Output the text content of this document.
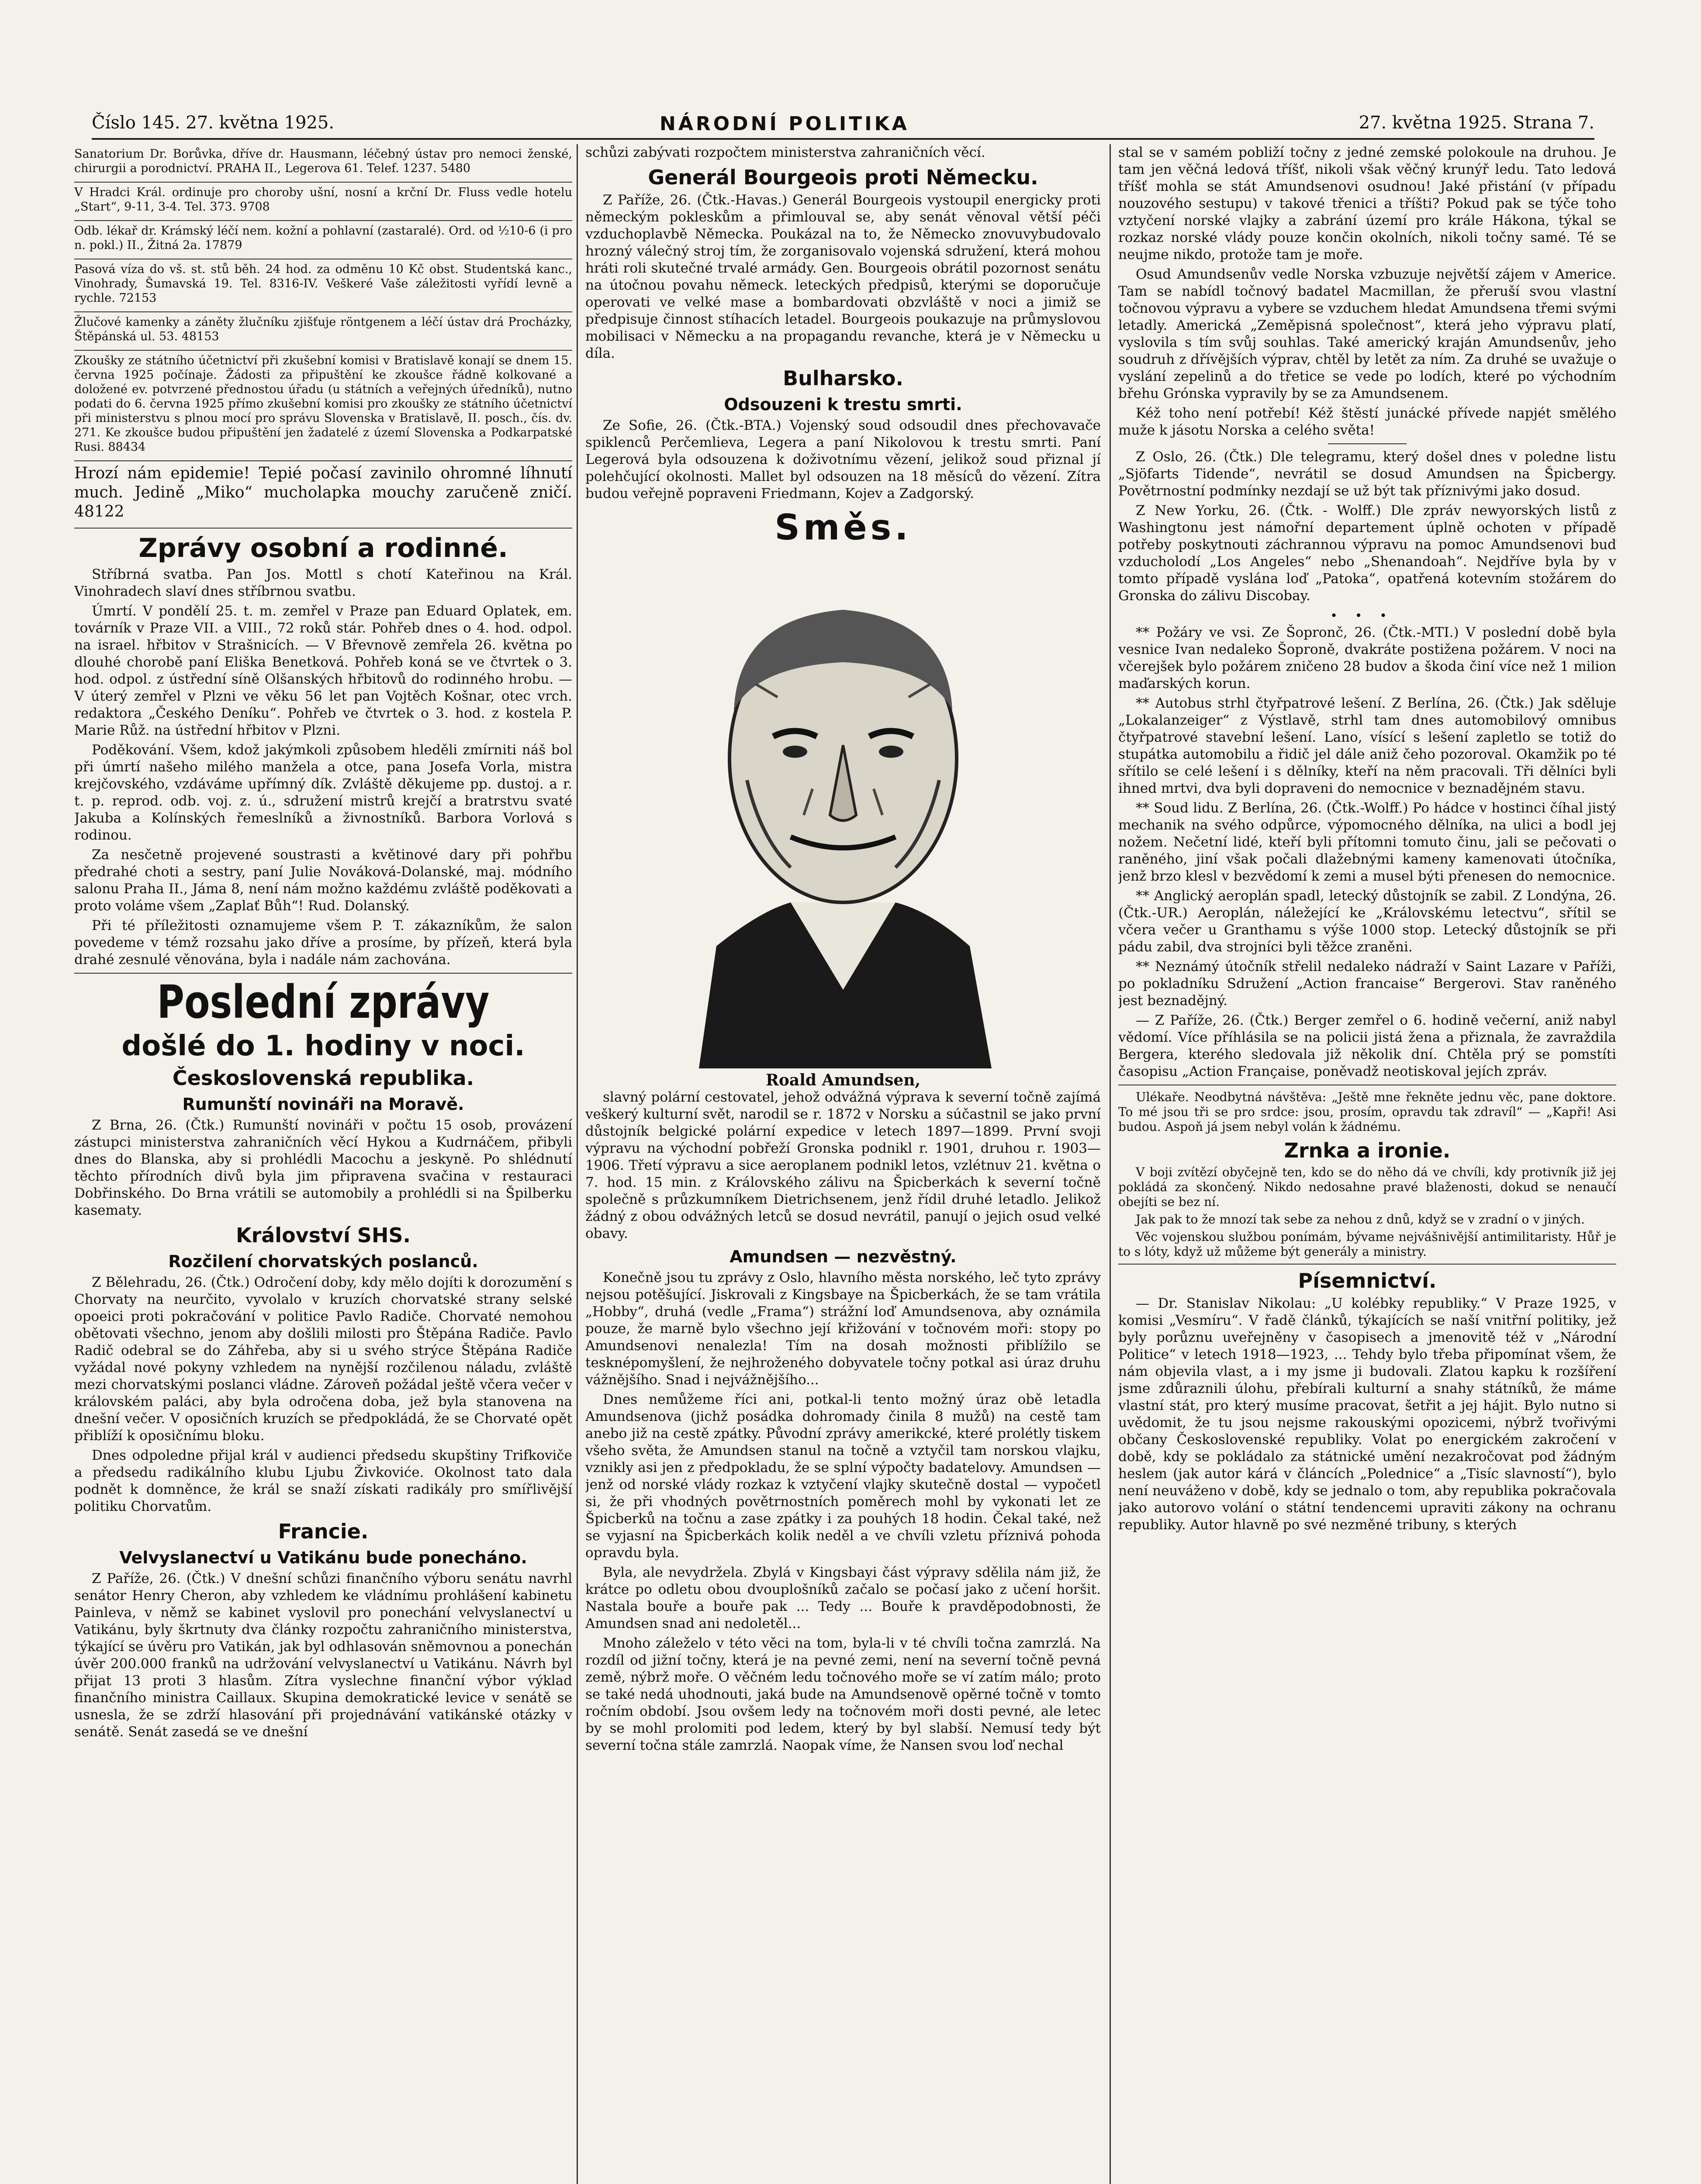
Číslo 145. 27. května 1925.	NÁRODNÍ POLITIKA	27. května 1925. Strana 7.

Sanatorium Dr. Borůvka, dříve dr. Hausmann, léčebný ústav pro nemoci ženské, chirurgii a porodnictví. PRAHA II., Legerova 61. Telef. 1237. 5480

V Hradci Král. ordinuje pro choroby ušní, nosní a krční Dr. Fluss vedle hotelu „Start“, 9-11, 3-4. Tel. 373. 9708

Odb. lékař dr. Krámský léčí nem. kožní a pohlavní (zastaralé). Ord. od ½10-6 (i pro n. pokl.) II., Žitná 2a. 17879

Pasová víza do vš. st. stů běh. 24 hod. za odměnu 10 Kč obst. Studentská kanc., Vinohrady, Šumavská 19. Tel. 8316-IV. Veškeré Vaše záležitosti vyřídí levně a rychle. 72153

Žlučové kamenky a záněty žlučníku zjišťuje röntgenem a léčí ústav drá Procházky, Štěpánská ul. 53. 48153

Zkoušky ze státního účetnictví při zkušební komisi v Bratislavě konají se dnem 15. června 1925 počínaje. Žádosti za připuštění ke zkoušce řádně kolkované a doložené ev. potvrzené přednostou úřadu (u státních a veřejných úředníků), nutno podati do 6. června 1925 přímo zkušební komisi pro zkoušky ze státního účetnictví při ministerstvu s plnou mocí pro správu Slovenska v Bratislavě, II. posch., čís. dv. 271. Ke zkoušce budou připuštění jen žadatelé z území Slovenska a Podkarpatské Rusi. 88434

Hrozí nám epidemie! Tepié počasí zavinilo ohromné líhnutí much. Jedině „Miko“ mucholapka mouchy zaručeně zničí. 48122

Zprávy osobní a rodinné.

Stříbrná svatba. Pan Jos. Mottl s chotí Kateřinou na Král. Vinohradech slaví dnes stříbrnou svatbu.

Úmrtí. V pondělí 25. t. m. zemřel v Praze pan Eduard Oplatek, em. továrník v Praze VII. a VIII., 72 roků stár. Pohřeb dnes o 4. hod. odpol. na israel. hřbitov v Strašnicích. — V Břevnově zemřela 26. května po dlouhé chorobě paní Eliška Benetková. Pohřeb koná se ve čtvrtek o 3. hod. odpol. z ústřední síně Olšanských hřbitovů do rodinného hrobu. — V úterý zemřel v Plzni ve věku 56 let pan Vojtěch Košnar, otec vrch. redaktora „Českého Deníku“. Pohřeb ve čtvrtek o 3. hod. z kostela P. Marie Růž. na ústřední hřbitov v Plzni.

Poděkování. Všem, kdož jakýmkoli způsobem hleděli zmírniti náš bol při úmrtí našeho milého manžela a otce, pana Josefa Vorla, mistra krejčovského, vzdáváme upřímný dík. Zvláště děkujeme pp. dustoj. a r. t. p. reprod. odb. voj. z. ú., sdružení mistrů krejčí a bratrstvu svaté Jakuba a Kolínských řemeslníků a živnostníků. Barbora Vorlová s rodinou.

Za nesčetně projevené soustrasti a květinové dary při pohřbu předrahé choti a sestry, paní Julie Nováková-Dolanské, maj. módního salonu Praha II., Jáma 8, není nám možno každému zvláště poděkovati a proto voláme všem „Zaplať Bůh“! Rud. Dolanský.

Při té příležitosti oznamujeme všem P. T. zákazníkům, že salon povedeme v témž rozsahu jako dříve a prosíme, by přízeň, která byla drahé zesnulé věnována, byla i nadále nám zachována.

Poslední zprávy
došlé do 1. hodiny v noci.
Československá republika.
Rumunští novináři na Moravě.

Z Brna, 26. (Čtk.) Rumunští novináři v počtu 15 osob, provázení zástupci ministerstva zahraničních věcí Hykou a Kudrnáčem, přibyli dnes do Blanska, aby si prohlédli Macochu a jeskyně. Po shlédnutí těchto přírodních divů byla jim připravena svačina v restauraci Dobřinského. Do Brna vrátili se automobily a prohlédli si na Špilberku kasematy.

Království SHS.
Rozčilení chorvatských poslanců.

Z Bělehradu, 26. (Čtk.) Odročení doby, kdy mělo dojíti k dorozumění s Chorvaty na neurčito, vyvolalo v kruzích chorvatské strany selské opoeici proti pokračování v politice Pavlo Radiče. Chorvaté nemohou obětovati všechno, jenom aby došlili milosti pro Štěpána Radiče. Pavlo Radič odebral se do Záhřeba, aby si u svého strýce Štěpána Radiče vyžádal nové pokyny vzhledem na nynější rozčilenou náladu, zvláště mezi chorvatskými poslanci vládne. Zároveň požádal ještě včera večer v královském paláci, aby byla odročena doba, jež byla stanovena na dnešní večer. V oposičních kruzích se předpokládá, že se Chorvaté opět přiblíží k oposičnímu bloku.

Dnes odpoledne přijal král v audienci předsedu skupštiny Trifkoviče a předsedu radikálního klubu Ljubu Živkoviće. Okolnost tato dala podnět k domněnce, že král se snaží získati radikály pro smířlivější politiku Chorvatům.

Francie.
Velvyslanectví u Vatikánu bude ponecháno.

Z Paříže, 26. (Čtk.) V dnešní schůzi finančního výboru senátu navrhl senátor Henry Cheron, aby vzhledem ke vládnímu prohlášení kabinetu Painleva, v němž se kabinet vyslovil pro ponechání velvyslanectví u Vatikánu, byly škrtnuty dva články rozpočtu zahraničního ministerstva, týkající se úvěru pro Vatikán, jak byl odhlasován sněmovnou a ponechán úvěr 200.000 franků na udržování velvyslanectví u Vatikánu. Návrh byl přijat 13 proti 3 hlasům. Zítra vyslechne finanční výbor výklad finančního ministra Caillaux. Skupina demokratické levice v senátě se usnesla, že se zdrží hlasování při projednávání vatikánské otázky v senátě. Senát zasedá se ve dnešní

schůzi zabývati rozpočtem ministerstva zahraničních věcí.

Generál Bourgeois proti Německu.

Z Paříže, 26. (Čtk.-Havas.) Generál Bourgeois vystoupil energicky proti německým pokleskům a přimlouval se, aby senát věnoval větší péči vzduchoplavbě Německa. Poukázal na to, že Německo znovuvybudovalo hrozný válečný stroj tím, že zorganisovalo vojenská sdružení, která mohou hráti roli skutečné trvalé armády. Gen. Bourgeois obrátil pozornost senátu na útočnou povahu německ. leteckých předpisů, kterými se doporučuje operovati ve velké mase a bombardovati obzvláště v noci a jimiž se předpisuje činnost stíhacích letadel. Bourgeois poukazuje na průmyslovou mobilisaci v Německu a na propagandu revanche, která je v Německu u díla.

Bulharsko.
Odsouzeni k trestu smrti.

Ze Sofie, 26. (Čtk.-BTA.) Vojenský soud odsoudil dnes přechovavače spiklenců Perčemlieva, Legera a paní Nikolovou k trestu smrti. Paní Legerová byla odsouzena k doživotnímu vězení, jelikož soud přiznal jí polehčující okolnosti. Mallet byl odsouzen na 18 měsíců do vězení. Zítra budou veřejně popraveni Friedmann, Kojev a Zadgorský.

Směs.
Roald Amundsen,

slavný polární cestovatel, jehož odvážná výprava k severní točně zajímá veškerý kulturní svět, narodil se r. 1872 v Norsku a súčastnil se jako první důstojník belgické polární expedice v letech 1897—1899. První svoji výpravu na východní pobřeží Gronska podnikl r. 1901, druhou r. 1903—1906. Třetí výpravu a sice aeroplanem podnikl letos, vzlétnuv 21. května o 7. hod. 15 min. z Královského zálivu na Špicberkách k severní točně společně s průzkumníkem Dietrichsenem, jenž řídil druhé letadlo. Jelikož žádný z obou odvážných letců se dosud nevrátil, panují o jejich osud velké obavy.

Amundsen — nezvěstný.

Konečně jsou tu zprávy z Oslo, hlavního města norského, leč tyto zprávy nejsou potěšující. Jiskrovali z Kingsbaye na Špicberkách, že se tam vrátila „Hobby“, druhá (vedle „Frama“) strážní loď Amundsenova, aby oznámila pouze, že marně bylo všechno její křižování v točnovém moři: stopy po Amundsenovi nenalezla! Tím na dosah možnosti přiblížilo se tesknépomyšlení, že nejhroženého dobyvatele točny potkal asi úraz druhu vážnějšího. Snad i nejvážnějšího...

Dnes nemůžeme říci ani, potkal-li tento možný úraz obě letadla Amundsenova (jichž posádka dohromady činila 8 mužů) na cestě tam anebo již na cestě zpátky. Původní zprávy amerikcké, které prolétly tiskem všeho světa, že Amundsen stanul na točně a vztyčil tam norskou vlajku, vznikly asi jen z předpokladu, že se splní výpočty badatelovy. Amundsen — jenž od norské vlády rozkaz k vztyčení vlajky skutečně dostal — vypočetl si, že při vhodných povětrnostních poměrech mohl by vykonati let ze Špicberků na točnu a zase zpátky i za pouhých 18 hodin. Čekal také, než se vyjasní na Špicberkách kolik neděl a ve chvíli vzletu příznivá pohoda opravdu byla.

Byla, ale nevydržela. Zbylá v Kingsbayi část výpravy sdělila nám již, že krátce po odletu obou dvouplošníků začalo se počasí jako z učení horšit. Nastala bouře a bouře pak ... Tedy ... Bouře k pravděpodobnosti, že Amundsen snad ani nedoletěl...

Mnoho záleželo v této věci na tom, byla-li v té chvíli točna zamrzlá. Na rozdíl od jižní točny, která je na pevné zemi, není na severní točně pevná země, nýbrž moře. O věčném ledu točnového moře se ví zatím málo; proto se také nedá uhodnouti, jaká bude na Amundsenově opěrné točně v tomto ročním období. Jsou ovšem ledy na točnovém moři dosti pevné, ale letec by se mohl prolomiti pod ledem, který by byl slabší. Nemusí tedy být severní točna stále zamrzlá. Naopak víme, že Nansen svou loď nechal

stal se v samém pobliží točny z jedné zemské polokoule na druhou. Je tam jen věčná ledová tříšť, nikoli však věčný krunýř ledu. Tato ledová tříšť mohla se stát Amundsenovi osudnou! Jaké přistání (v případu nouzového sestupu) v takové třenici a tříšti? Pokud pak se týče toho vztyčení norské vlajky a zabrání území pro krále Hákona, týkal se rozkaz norské vlády pouze končin okolních, nikoli točny samé. Té se neujme nikdo, protože tam je moře.

Osud Amundsenův vedle Norska vzbuzuje největší zájem v Americe. Tam se nabídl točnový badatel Macmillan, že přeruší svou vlastní točnovou výpravu a vybere se vzduchem hledat Amundsena třemi svými letadly. Americká „Zeměpisná společnost“, která jeho výpravu platí, vyslovila s tím svůj souhlas. Také americký kraján Amundsenův, jeho soudruh z dřívějších výprav, chtěl by letět za ním. Za druhé se uvažuje o vyslání zepelinů a do třetice se vede po lodích, které po východním břehu Grónska vypravily by se za Amundsenem.

Kéž toho není potřebí! Kéž štěstí junácké přívede napjét smělého muže k jásotu Norska a celého světa!

Z Oslo, 26. (Čtk.) Dle telegramu, který došel dnes v poledne listu „Sjöfarts Tidende“, nevrátil se dosud Amundsen na Špicbergy. Povětrnostní podmínky nezdají se už být tak příznivými jako dosud.

Z New Yorku, 26. (Čtk. - Wolff.) Dle zpráv newyorských listů z Washingtonu jest námořní departement úplně ochoten v případě potřeby poskytnouti záchrannou výpravu na pomoc Amundsenovi buď vzducholodí „Los Angeles“ nebo „Shenandoah“. Nejdříve byla by v tomto případě vyslána loď „Patoka“, opatřená kotevním stožárem do Gronska do zálivu Discobay.

•••

** Požáry ve vsi. Ze Šopronč, 26. (Čtk.-MTI.) V poslední době byla vesnice Ivan nedaleko Šoproně, dvakráte postižena požárem. V noci na včerejšek bylo požárem zničeno 28 budov a škoda činí více než 1 milion maďarských korun.

** Autobus strhl čtyřpatrové lešení. Z Berlína, 26. (Čtk.) Jak sděluje „Lokalanzeiger“ z Výstlavě, strhl tam dnes automobilový omnibus čtyřpatrové stavební lešení. Lano, vísící s lešení zapletlo se totiž do stupátka automobilu a řidič jel dále aniž čeho pozoroval. Okamžik po té sřítilo se celé lešení i s dělníky, kteří na něm pracovali. Tři dělníci byli ihned mrtvi, dva byli dopraveni do nemocnice v beznadějném stavu.

** Soud lidu. Z Berlína, 26. (Čtk.-Wolff.) Po hádce v hostinci číhal jistý mechanik na svého odpůrce, výpomocného dělníka, na ulici a bodl jej nožem. Nečetní lidé, kteří byli přítomni tomuto činu, jali se pečovati o raněného, jiní však počali dlažebnými kameny kamenovati útočníka, jenž brzo klesl v bezvědomí k zemi a musel býti přenesen do nemocnice.

** Anglický aeroplán spadl, letecký důstojník se zabil. Z Londýna, 26. (Čtk.-UR.) Aeroplán, náležející ke „Královskému letectvu“, sřítil se včera večer u Granthamu s výše 1000 stop. Letecký důstojník se při pádu zabil, dva strojníci byli těžce zraněni.

** Neznámý útočník střelil nedaleko nádraží v Saint Lazare v Paříži, po pokladníku Sdružení „Action francaise“ Bergerovi. Stav raněného jest beznadějný.

— Z Paříže, 26. (Čtk.) Berger zemřel o 6. hodině večerní, aniž nabyl vědomí. Více příhlásila se na policii jistá žena a přiznala, že zavraždila Bergera, kterého sledovala již několik dní. Chtěla prý se pomstíti časopisu „Action Française, poněvadž neotiskoval jejích zpráv.

Ulékaře. Neodbytná návštěva: „Ještě mne řekněte jednu věc, pane doktore. To mé jsou tři se pro srdce: jsou, prosím, opravdu tak zdravíl“ — „Kapři! Asi budou. Aspoň já jsem nebyl volán k žádnému.

Zrnka a ironie.

V boji zvítězí obyčejně ten, kdo se do něho dá ve chvíli, kdy protivník již jej pokládá za skončený. Nikdo nedosahne pravé blaženosti, dokud se nenaučí obejíti se bez ní.

Jak pak to že mnozí tak sebe za nehou z dnů, když se v zradní o v jiných.

Věc vojenskou službou ponímám, bývame nejvášnivější antimilitaristy. Hůř je to s lóty, když už můžeme být generály a ministry.

Písemnictví.

— Dr. Stanislav Nikolau: „U kolébky republiky.“ V Praze 1925, v komisi „Vesmíru“. V řadě článků, týkajících se naší vnitřní politiky, jež byly porůznu uveřejněny v časopisech a jmenovitě též v „Národní Politice“ v letech 1918—1923, ... Tehdy bylo třeba připomínat všem, že nám objevila vlast, a i my jsme ji budovali. Zlatou kapku k rozšíření jsme zdůraznili úlohu, přebírali kulturní a snahy státníků, že máme vlastní stát, pro který musíme pracovat, šetřit a jej hájit. Bylo nutno si uvědomit, že tu jsou nejsme rakouskými opozicemi, nýbrž tvořivými občany Československé republiky. Volat po energickém zakročení v době, kdy se pokládalo za státnické umění nezakročovat pod žádným heslem (jak autor kárá v článcích „Polednice“ a „Tisíc slavností“), bylo není neuváženo v době, kdy se jednalo o tom, aby republika pokračovala jako autorovo volání o státní tendencemi upraviti zákony na ochranu republiky. Autor hlavně po své nezměné tribuny, s kterých
